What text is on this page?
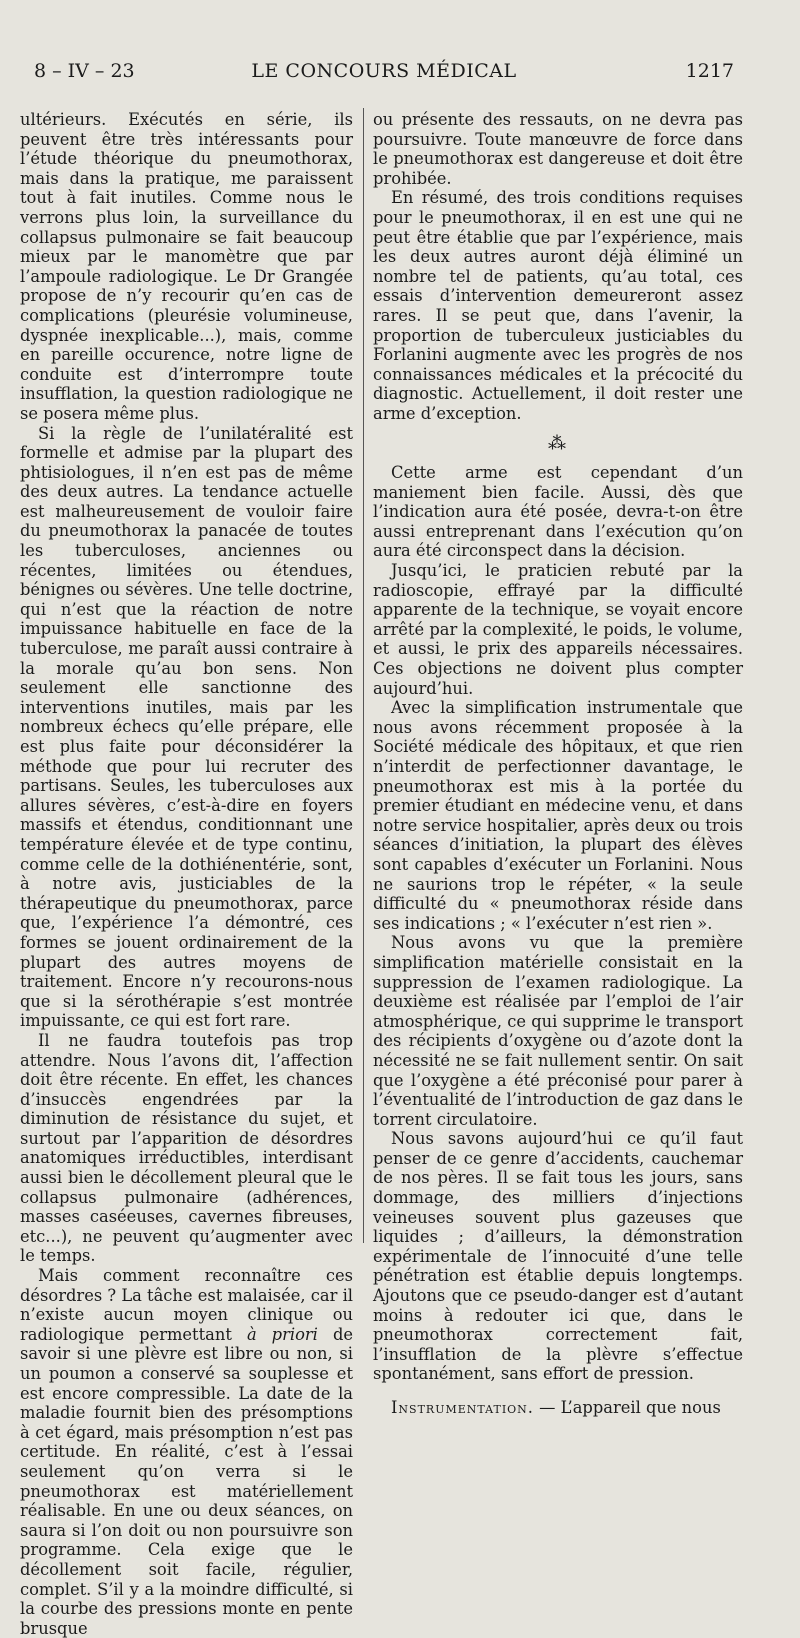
8 – IV – 23	LE CONCOURS MÉDICAL	1217

ultérieurs. Exécutés en série, ils peuvent être très intéressants pour l’étude théorique du pneumothorax, mais dans la pratique, me paraissent tout à fait inutiles. Comme nous le verrons plus loin, la surveillance du collapsus pulmonaire se fait beaucoup mieux par le manomètre que par l’ampoule radiologique. Le Dr Grangée propose de n’y recourir qu’en cas de complications (pleurésie volumineuse, dyspnée inexplicable...), mais, comme en pareille occurence, notre ligne de conduite est d’interrompre toute insufflation, la question radiologique ne se posera même plus.

Si la règle de l’unilatéralité est formelle et admise par la plupart des phtisiologues, il n’en est pas de même des deux autres. La tendance actuelle est malheureusement de vouloir faire du pneumothorax la panacée de toutes les tuberculoses, anciennes ou récentes, limitées ou étendues, bénignes ou sévères. Une telle doctrine, qui n’est que la réaction de notre impuissance habituelle en face de la tuberculose, me paraît aussi contraire à la morale qu’au bon sens. Non seulement elle sanctionne des interventions inutiles, mais par les nombreux échecs qu’elle prépare, elle est plus faite pour déconsidérer la méthode que pour lui recruter des partisans. Seules, les tuberculoses aux allures sévères, c’est-à-dire en foyers massifs et étendus, conditionnant une température élevée et de type continu, comme celle de la dothiénentérie, sont, à notre avis, justiciables de la thérapeutique du pneumothorax, parce que, l’expérience l’a démontré, ces formes se jouent ordinairement de la plupart des autres moyens de traitement. Encore n’y recourons-nous que si la sérothérapie s’est montrée impuissante, ce qui est fort rare.

Il ne faudra toutefois pas trop attendre. Nous l’avons dit, l’affection doit être récente. En effet, les chances d’insuccès engendrées par la diminution de résistance du sujet, et surtout par l’apparition de désordres anatomiques irréductibles, interdisant aussi bien le décollement pleural que le collapsus pulmonaire (adhérences, masses caséeuses, cavernes fibreuses, etc...), ne peuvent qu’augmenter avec le temps.

Mais comment reconnaître ces désordres ? La tâche est malaisée, car il n’existe aucun moyen clinique ou radiologique permettant à priori de savoir si une plèvre est libre ou non, si un poumon a conservé sa souplesse et est encore compressible. La date de la maladie fournit bien des présomptions à cet égard, mais présomption n’est pas certitude. En réalité, c’est à l’essai seulement qu’on verra si le pneumothorax est matériellement réalisable. En une ou deux séances, on saura si l’on doit ou non poursuivre son programme. Cela exige que le décollement soit facile, régulier, complet. S’il y a la moindre difficulté, si la courbe des pressions monte en pente brusque

ou présente des ressauts, on ne devra pas poursuivre. Toute manœuvre de force dans le pneumothorax est dangereuse et doit être prohibée.

En résumé, des trois conditions requises pour le pneumothorax, il en est une qui ne peut être établie que par l’expérience, mais les deux autres auront déjà éliminé un nombre tel de patients, qu’au total, ces essais d’intervention demeureront assez rares. Il se peut que, dans l’avenir, la proportion de tuberculeux justiciables du Forlanini augmente avec les progrès de nos connaissances médicales et la précocité du diagnostic. Actuellement, il doit rester une arme d’exception.

⁂

Cette arme est cependant d’un maniement bien facile. Aussi, dès que l’indication aura été posée, devra-t-on être aussi entreprenant dans l’exécution qu’on aura été circonspect dans la décision.

Jusqu’ici, le praticien rebuté par la radioscopie, effrayé par la difficulté apparente de la technique, se voyait encore arrêté par la complexité, le poids, le volume, et aussi, le prix des appareils nécessaires. Ces objections ne doivent plus compter aujourd’hui.

Avec la simplification instrumentale que nous avons récemment proposée à la Société médicale des hôpitaux, et que rien n’interdit de perfectionner davantage, le pneumothorax est mis à la portée du premier étudiant en médecine venu, et dans notre service hospitalier, après deux ou trois séances d’initiation, la plupart des élèves sont capables d’exécuter un Forlanini. Nous ne saurions trop le répéter, « la seule difficulté du « pneumothorax réside dans ses indications ; « l’exécuter n’est rien ».

Nous avons vu que la première simplification matérielle consistait en la suppression de l’examen radiologique. La deuxième est réalisée par l’emploi de l’air atmosphérique, ce qui supprime le transport des récipients d’oxygène ou d’azote dont la nécessité ne se fait nullement sentir. On sait que l’oxygène a été préconisé pour parer à l’éventualité de l’introduction de gaz dans le torrent circulatoire.

Nous savons aujourd’hui ce qu’il faut penser de ce genre d’accidents, cauchemar de nos pères. Il se fait tous les jours, sans dommage, des milliers d’injections veineuses souvent plus gazeuses que liquides ; d’ailleurs, la démonstration expérimentale de l’innocuité d’une telle pénétration est établie depuis longtemps. Ajoutons que ce pseudo-danger est d’autant moins à redouter ici que, dans le pneumothorax correctement fait, l’insufflation de la plèvre s’effectue spontanément, sans effort de pression.

Instrumentation. — L’appareil que nous
